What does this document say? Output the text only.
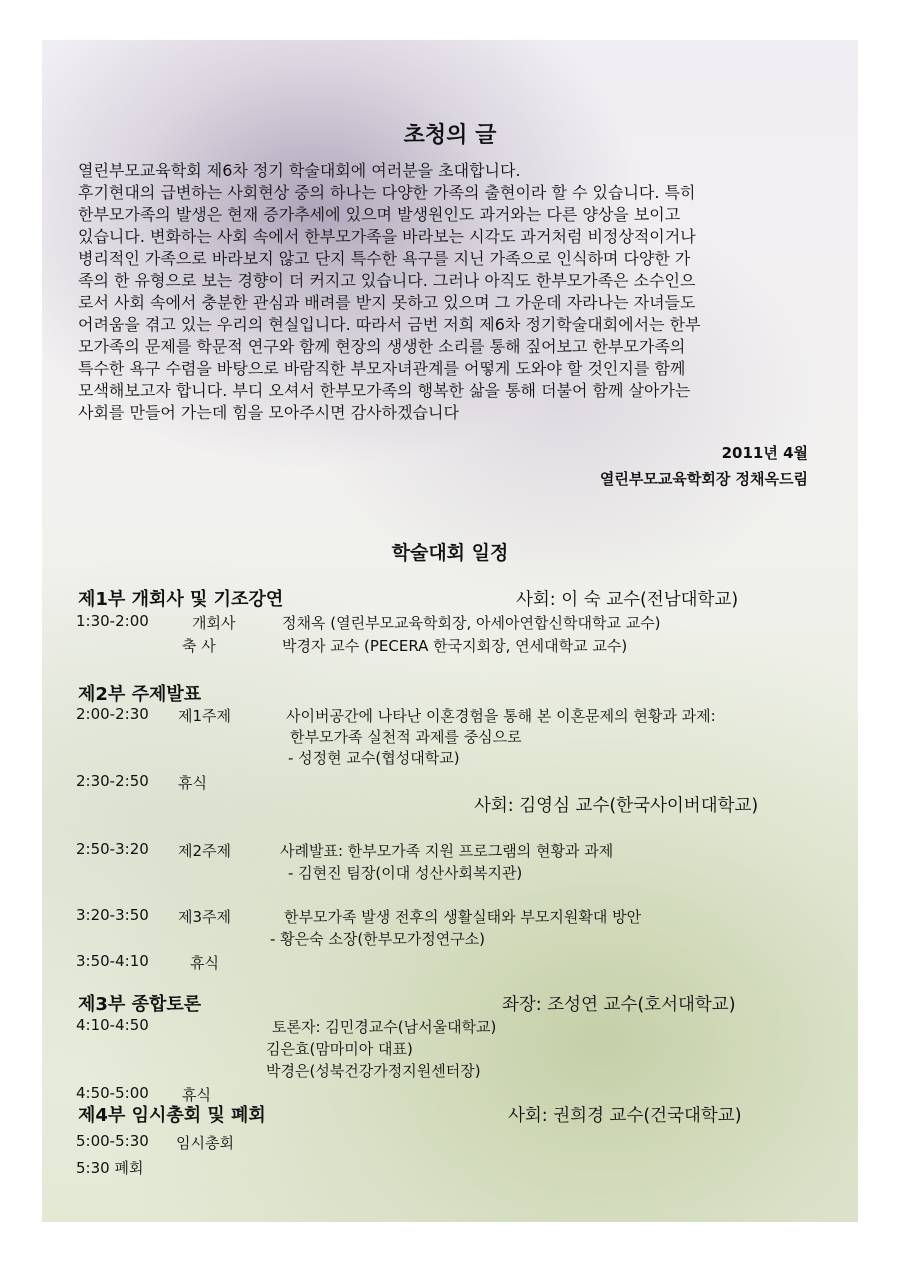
초청의 글
열린부모교육학회 제6차 정기 학술대회에 여러분을 초대합니다.
후기현대의 급변하는 사회현상 중의 하나는 다양한 가족의 출현이라 할 수 있습니다. 특히
한부모가족의 발생은 현재 증가추세에 있으며 발생원인도 과거와는 다른 양상을 보이고
있습니다. 변화하는 사회 속에서 한부모가족을 바라보는 시각도 과거처럼 비정상적이거나
병리적인 가족으로 바라보지 않고 단지 특수한 욕구를 지닌 가족으로 인식하며 다양한 가
족의 한 유형으로 보는 경향이 더 커지고 있습니다. 그러나 아직도 한부모가족은 소수인으
로서 사회 속에서 충분한 관심과 배려를 받지 못하고 있으며 그 가운데 자라나는 자녀들도
어려움을 겪고 있는 우리의 현실입니다. 따라서 금번 저희 제6차 정기학술대회에서는 한부
모가족의 문제를 학문적 연구와 함께 현장의 생생한 소리를 통해 짚어보고 한부모가족의
특수한 욕구 수렴을 바탕으로 바람직한 부모자녀관계를 어떻게 도와야 할 것인지를 함께
모색해보고자 합니다. 부디 오셔서 한부모가족의 행복한 삶을 통해 더불어 함께 살아가는
사회를 만들어 가는데 힘을 모아주시면 감사하겠습니다
2011년 4월
열린부모교육학회장 정채옥드림
학술대회 일정
제1부 개회사 및 기조강연	사회: 이 숙 교수(전남대학교)
1:30-2:00	개회사	정채옥 (열린부모교육학회장, 아세아연합신학대학교 교수)
축 사	박경자 교수 (PECERA 한국지회장, 연세대학교 교수)
제2부 주제발표
2:00-2:30 제1주제	사이버공간에 나타난 이혼경험을 통해 본 이혼문제의 현황과 과제:
한부모가족 실천적 과제를 중심으로
- 성정현 교수(협성대학교)
2:30-2:50 휴식
사회: 김영심 교수(한국사이버대학교)
2:50-3:20 제2주제	사례발표: 한부모가족 지원 프로그램의 현황과 과제
- 김현진 팀장(이대 성산사회복지관)
3:20-3:50 제3주제	한부모가족 발생 전후의 생활실태와 부모지원확대 방안
- 황은숙 소장(한부모가정연구소)
3:50-4:10	휴식
제3부 종합토론	좌장: 조성연 교수(호서대학교)
4:10-4:50	토론자: 김민경교수(남서울대학교)
김은효(맘마미아 대표)
박경은(성북건강가정지원센터장)
4:50-5:00 휴식
제4부 임시총회 및 폐회	사회: 권희경 교수(건국대학교)
5:00-5:30 임시총회
5:30 폐회
